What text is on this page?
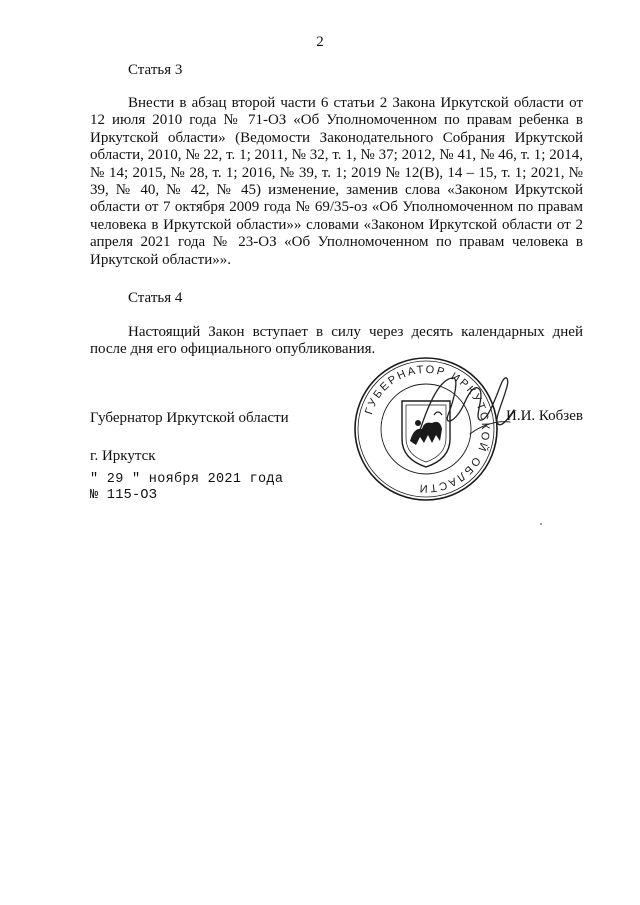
2
Статья 3

Внести в абзац второй части 6 статьи 2 Закона Иркутской области от 12 июля 2010 года № 71-ОЗ «Об Уполномоченном по правам ребенка в Иркутской области» (Ведомости Законодательного Собрания Иркутской области, 2010, № 22, т. 1; 2011, № 32, т. 1, № 37; 2012, № 41, № 46, т. 1; 2014, № 14; 2015, № 28, т. 1; 2016, № 39, т. 1; 2019 № 12(В), 14 – 15, т. 1; 2021, № 39, № 40, № 42, № 45) изменение, заменив слова «Законом Иркутской области от 7 октября 2009 года № 69/35-оз «Об Уполномоченном по правам человека в Иркутской области»» словами «Законом Иркутской области от 2 апреля 2021 года № 23-ОЗ «Об Уполномоченном по правам человека в Иркутской области»».

Статья 4

Настоящий Закон вступает в силу через десять календарных дней после дня его официального опубликования.

ГУБЕРНАТОР ИРКУТСКОЙ ОБЛАСТИ
Губернатор Иркутской области	И.И. Кобзев
г. Иркутск
" 29 " ноября 2021 года
№ 115-ОЗ
